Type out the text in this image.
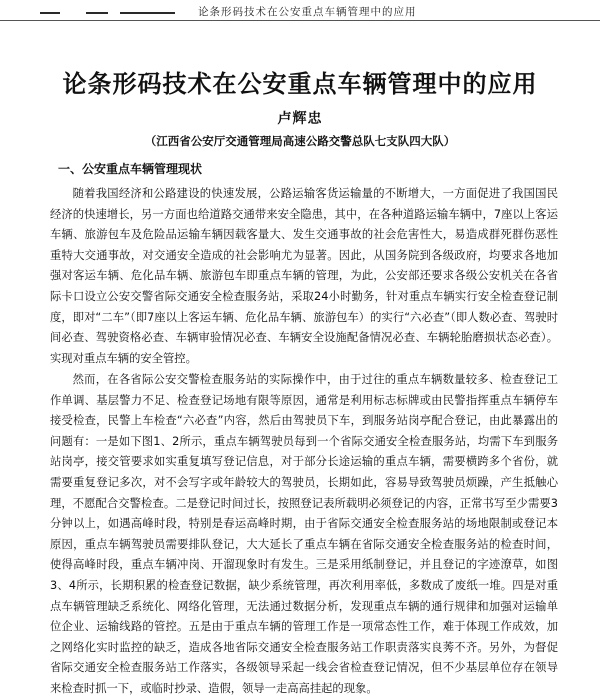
论条形码技术在公安重点车辆管理中的应用
论条形码技术在公安重点车辆管理中的应用
卢辉忠
（江西省公安厅交通管理局高速公路交警总队七支队四大队）
一、公安重点车辆管理现状

随着我国经济和公路建设的快速发展，公路运输客货运输量的不断增大，一方面促进了我国国民经济的快速增长，另一方面也给道路交通带来安全隐患，其中，在各种道路运输车辆中，7座以上客运车辆、旅游包车及危险品运输车辆因载客量大、发生交通事故的社会危害性大，易造成群死群伤恶性重特大交通事故，对交通安全造成的社会影响尤为显著。因此，从国务院到各级政府，均要求各地加强对客运车辆、危化品车辆、旅游包车即重点车辆的管理，为此，公安部还要求各级公安机关在各省际卡口设立公安交警省际交通安全检查服务站，采取24小时勤务，针对重点车辆实行安全检查登记制度，即对“二车”（即7座以上客运车辆、危化品车辆、旅游包车）的实行“六必查”（即人数必查、驾驶时间必查、驾驶资格必查、车辆审验情况必查、车辆安全设施配备情况必查、车辆轮胎磨损状态必查）。实现对重点车辆的安全管控。

然而，在各省际公安交警检查服务站的实际操作中，由于过往的重点车辆数量较多、检查登记工作单调、基层警力不足、检查登记场地有限等原因，通常是利用标志标牌或由民警指挥重点车辆停车接受检查，民警上车检查“六必查”内容，然后由驾驶员下车，到服务站岗亭配合登记，由此暴露出的问题有：一是如下图1、2所示，重点车辆驾驶员每到一个省际交通安全检查服务站，均需下车到服务站岗亭，接交管要求如实重复填写登记信息，对于部分长途运输的重点车辆，需要横跨多个省份，就需要重复登记多次，对不会写字或年龄较大的驾驶员，长期如此，容易导致驾驶员烦躁，产生抵触心理，不愿配合交警检查。二是登记时间过长，按照登记表所载明必须登记的内容，正常书写至少需要3分钟以上，如遇高峰时段，特别是春运高峰时期，由于省际交通安全检查服务站的场地限制或登记本原因，重点车辆驾驶员需要排队登记，大大延长了重点车辆在省际交通安全检查服务站的检查时间，使得高峰时段，重点车辆冲岗、开溜现象时有发生。三是采用纸制登记，并且登记的字迹潦草，如图3、4所示，长期积累的检查登记数据，缺少系统管理，再次利用率低，多数成了废纸一堆。四是对重点车辆管理缺乏系统化、网络化管理，无法通过数据分析，发现重点车辆的通行规律和加强对运输单位企业、运输线路的管控。五是由于重点车辆的管理工作是一项常态性工作，难于体现工作成效，加之网络化实时监控的缺乏，造成各地省际交通安全检查服务站工作职责落实良莠不齐。另外，为督促省际交通安全检查服务站工作落实，各级领导采起一线会省检查登记情况，但不少基层单位存在领导来检查时抓一下，或临时抄录、造假，领导一走高高挂起的现象。
